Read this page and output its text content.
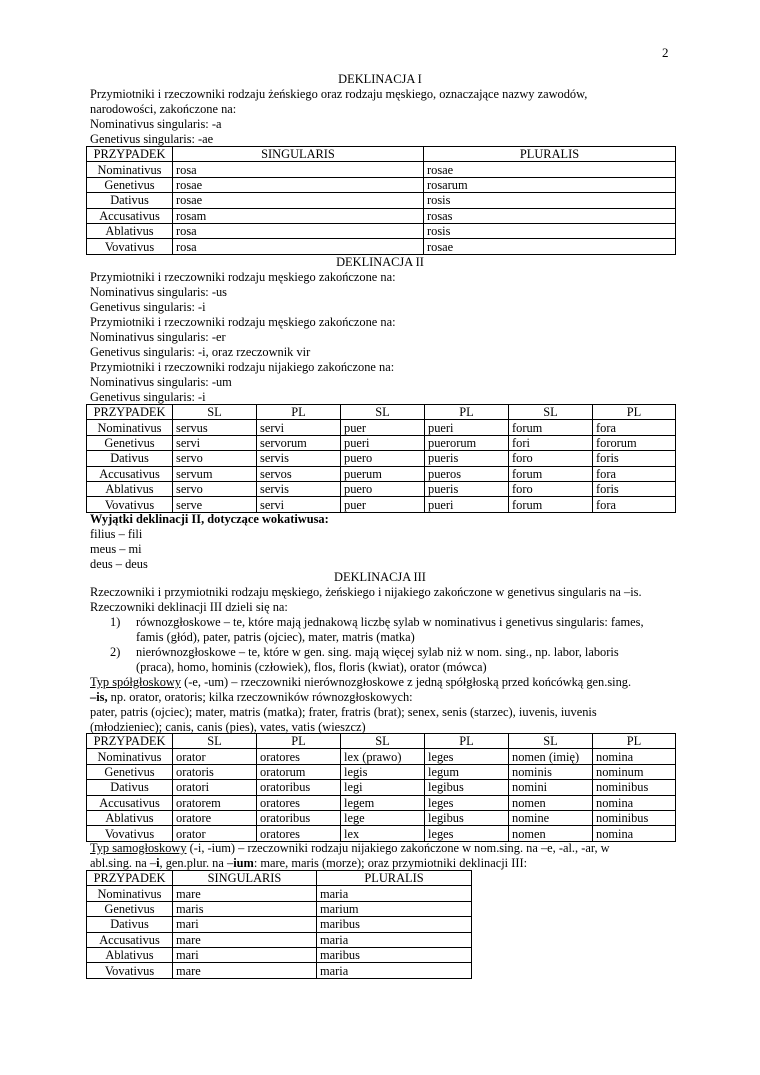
2
DEKLINACJA I
Przymiotniki i rzeczowniki rodzaju żeńskiego oraz rodzaju męskiego, oznaczające nazwy zawodów,
narodowości, zakończone na:
Nominativus singularis: -a
Genetivus singularis: -ae
PRZYPADEK	SINGULARIS	PLURALIS
Nominativus	rosa	rosae
Genetivus	rosae	rosarum
Dativus	rosae	rosis
Accusativus	rosam	rosas
Ablativus	rosa	rosis
Vovativus	rosa	rosae
DEKLINACJA II
Przymiotniki i rzeczowniki rodzaju męskiego zakończone na:
Nominativus singularis: -us
Genetivus singularis: -i
Przymiotniki i rzeczowniki rodzaju męskiego zakończone na:
Nominativus singularis: -er
Genetivus singularis: -i, oraz rzeczownik vir
Przymiotniki i rzeczowniki rodzaju nijakiego zakończone na:
Nominativus singularis: -um
Genetivus singularis: -i
PRZYPADEK	SL	PL	SL	PL	SL	PL
Nominativus	servus	servi	puer	pueri	forum	fora
Genetivus	servi	servorum	pueri	puerorum	fori	fororum
Dativus	servo	servis	puero	pueris	foro	foris
Accusativus	servum	servos	puerum	pueros	forum	fora
Ablativus	servo	servis	puero	pueris	foro	foris
Vovativus	serve	servi	puer	pueri	forum	fora
Wyjątki deklinacji II, dotyczące wokatiwusa:
filius – fili
meus – mi
deus – deus
DEKLINACJA III
Rzeczowniki i przymiotniki rodzaju męskiego, żeńskiego i nijakiego zakończone w genetivus singularis na –is.
Rzeczowniki deklinacji III dzieli się na:
1) równozgłoskowe – te, które mają jednakową liczbę sylab w nominativus i genetivus singularis: fames,
famis (głód), pater, patris (ojciec), mater, matris (matka)
2) nierównozgłoskowe – te, które w gen. sing. mają więcej sylab niż w nom. sing., np. labor, laboris
(praca), homo, hominis (człowiek), flos, floris (kwiat), orator (mówca)
Typ spółgłoskowy (-e, -um) – rzeczowniki nierównozgłoskowe z jedną spółgłoską przed końcówką gen.sing.
–is, np. orator, oratoris; kilka rzeczowników równozgłoskowych:
pater, patris (ojciec); mater, matris (matka); frater, fratris (brat); senex, senis (starzec), iuvenis, iuvenis
(młodzieniec); canis, canis (pies), vates, vatis (wieszcz)
PRZYPADEK	SL	PL	SL	PL	SL	PL
Nominativus	orator	oratores	lex (prawo)	leges	nomen (imię)	nomina
Genetivus	oratoris	oratorum	legis	legum	nominis	nominum
Dativus	oratori	oratoribus	legi	legibus	nomini	nominibus
Accusativus	oratorem	oratores	legem	leges	nomen	nomina
Ablativus	oratore	oratoribus	lege	legibus	nomine	nominibus
Vovativus	orator	oratores	lex	leges	nomen	nomina
Typ samogłoskowy (-i, -ium) – rzeczowniki rodzaju nijakiego zakończone w nom.sing. na –e, -al., -ar, w
abl.sing. na –i, gen.plur. na –ium: mare, maris (morze); oraz przymiotniki deklinacji III:
PRZYPADEK	SINGULARIS	PLURALIS
Nominativus	mare	maria
Genetivus	maris	marium
Dativus	mari	maribus
Accusativus	mare	maria
Ablativus	mari	maribus
Vovativus	mare	maria
